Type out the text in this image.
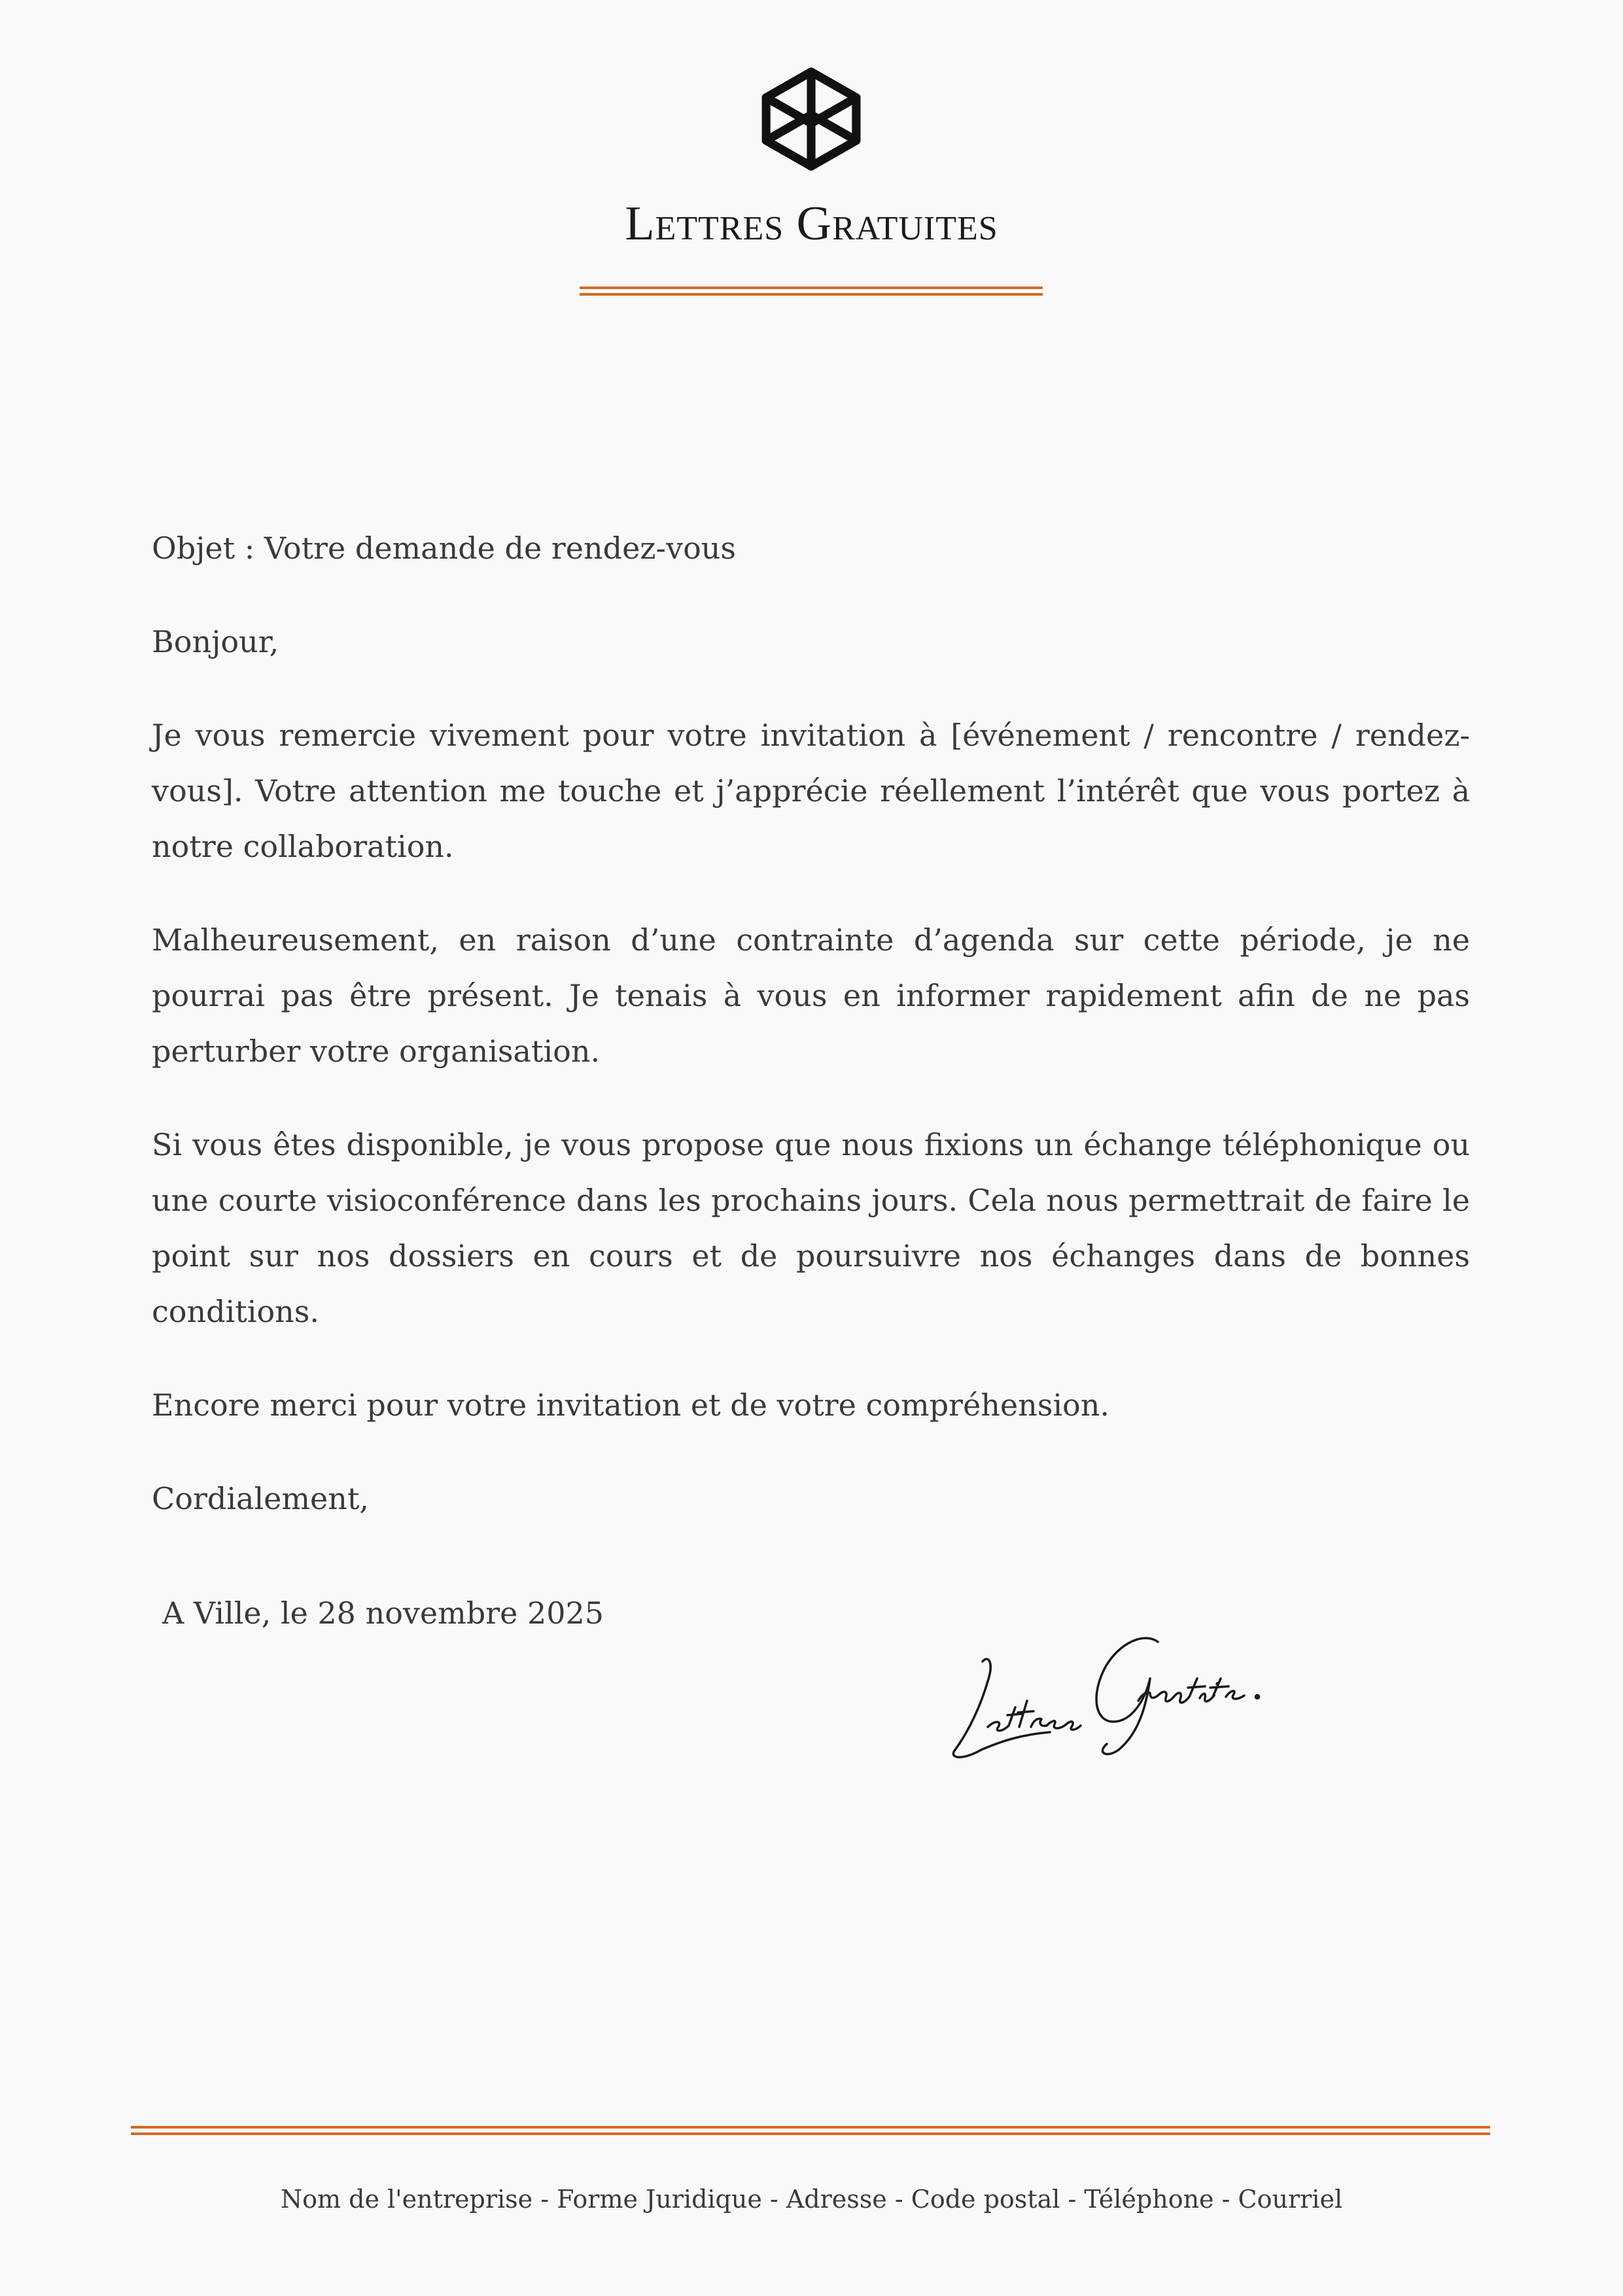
Lettres Gratuites

Objet : Votre demande de rendez-vous

Bonjour,

Je vous remercie vivement pour votre invitation à [événement / rencontre / rendez-vous]. Votre attention me touche et j’apprécie réellement l’intérêt que vous portez à notre collaboration.

Malheureusement, en raison d’une contrainte d’agenda sur cette période, je ne pourrai pas être présent. Je tenais à vous en informer rapidement afin de ne pas perturber votre organisation.

Si vous êtes disponible, je vous propose que nous fixions un échange téléphonique ou une courte visioconférence dans les prochains jours. Cela nous permettrait de faire le point sur nos dossiers en cours et de poursuivre nos échanges dans de bonnes conditions.

Encore merci pour votre invitation et de votre compréhension.

Cordialement,

A Ville, le 28 novembre 2025	Lettres Gratuites.
Nom de l'entreprise - Forme Juridique - Adresse - Code postal - Téléphone - Courriel
